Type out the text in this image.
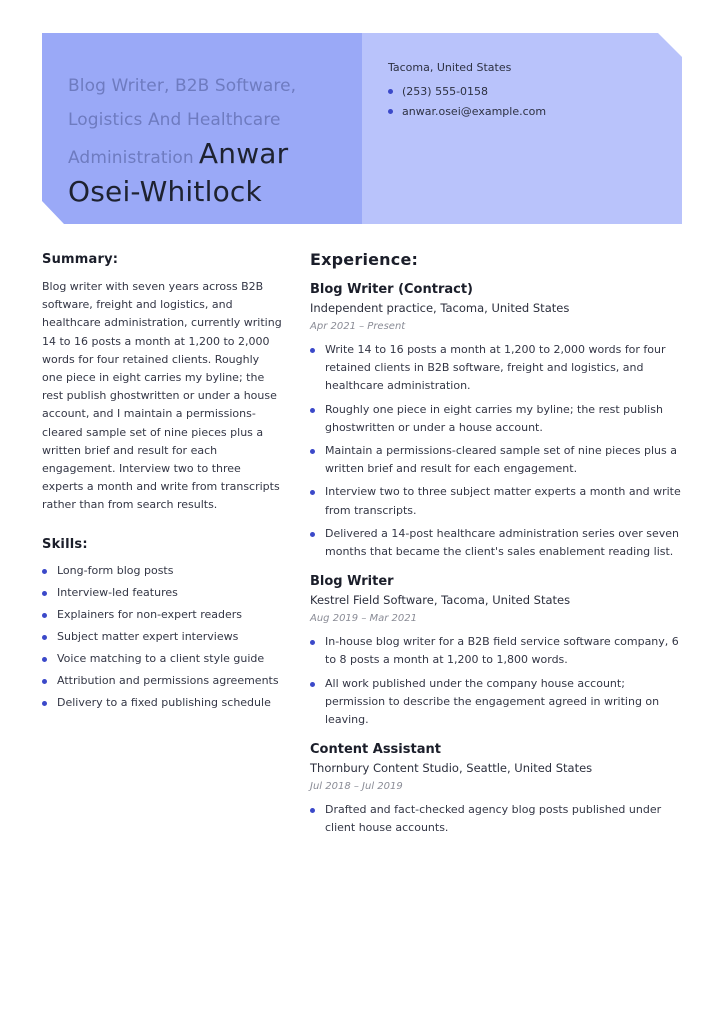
Blog Writer, B2B Software, Logistics And Healthcare Administration Anwar Osei-Whitlock
Tacoma, United States
(253) 555-0158
anwar.osei@example.com
Summary:

Blog writer with seven years across B2B software, freight and logistics, and healthcare administration, currently writing 14 to 16 posts a month at 1,200 to 2,000 words for four retained clients. Roughly one piece in eight carries my byline; the rest publish ghostwritten or under a house account, and I maintain a permissions-cleared sample set of nine pieces plus a written brief and result for each engagement. Interview two to three experts a month and write from transcripts rather than from search results.

Skills:
Long-form blog posts
Interview-led features
Explainers for non-expert readers
Subject matter expert interviews
Voice matching to a client style guide
Attribution and permissions agreements
Delivery to a fixed publishing schedule
Experience:
Blog Writer (Contract)
Independent practice, Tacoma, United States
Apr 2021 – Present
Write 14 to 16 posts a month at 1,200 to 2,000 words for four retained clients in B2B software, freight and logistics, and healthcare administration.
Roughly one piece in eight carries my byline; the rest publish ghostwritten or under a house account.
Maintain a permissions-cleared sample set of nine pieces plus a written brief and result for each engagement.
Interview two to three subject matter experts a month and write from transcripts.
Delivered a 14-post healthcare administration series over seven months that became the client's sales enablement reading list.
Blog Writer
Kestrel Field Software, Tacoma, United States
Aug 2019 – Mar 2021
In-house blog writer for a B2B field service software company, 6 to 8 posts a month at 1,200 to 1,800 words.
All work published under the company house account; permission to describe the engagement agreed in writing on leaving.
Content Assistant
Thornbury Content Studio, Seattle, United States
Jul 2018 – Jul 2019
Drafted and fact-checked agency blog posts published under client house accounts.
